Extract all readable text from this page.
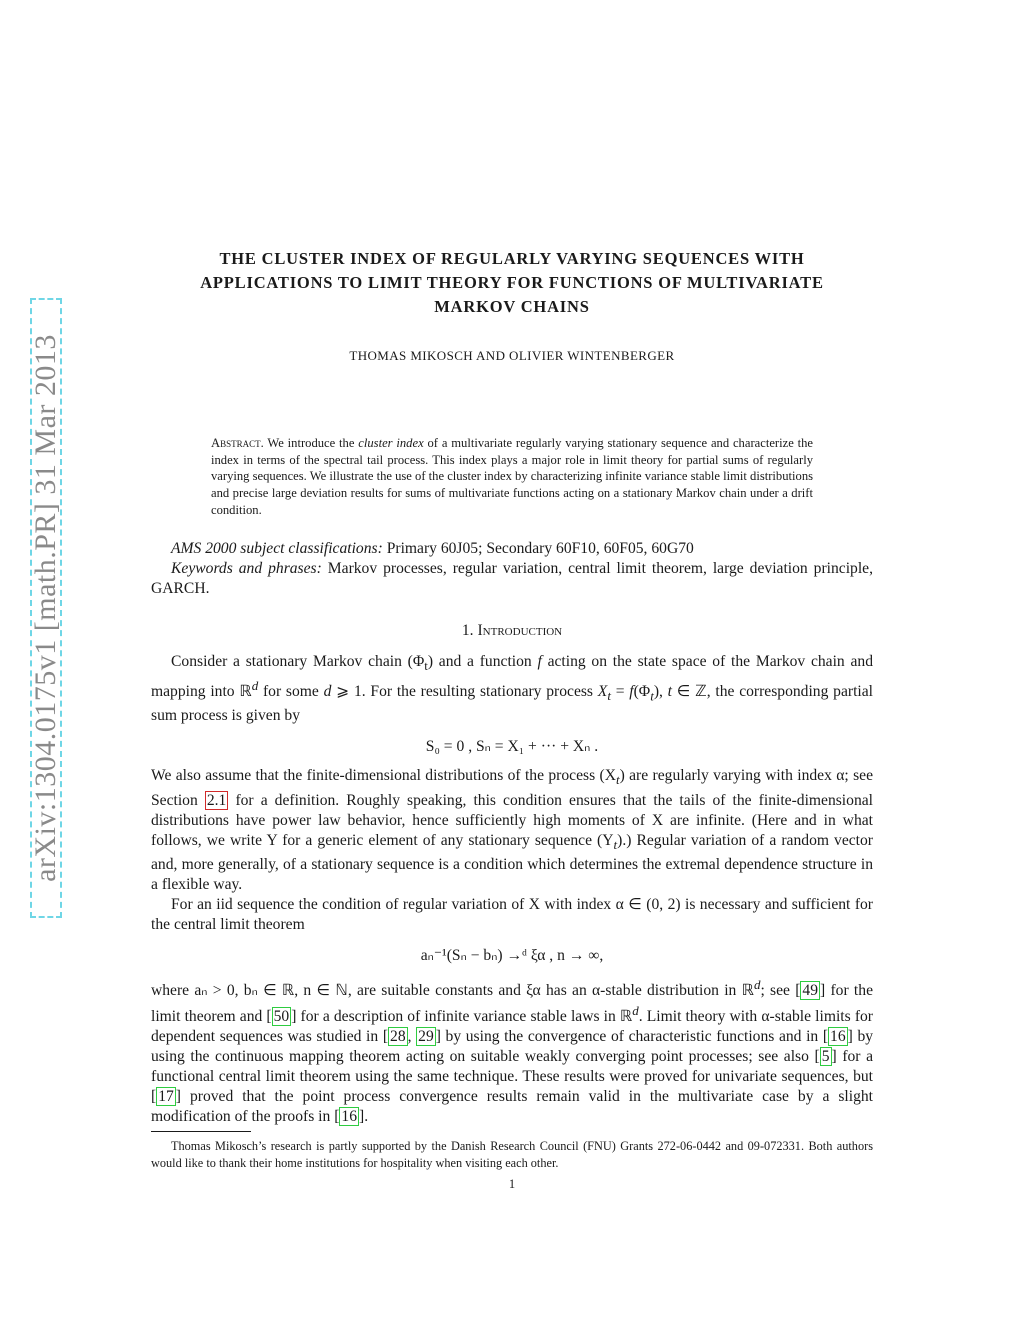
arXiv:1304.0175v1 [math.PR] 31 Mar 2013
THE CLUSTER INDEX OF REGULARLY VARYING SEQUENCES WITH
APPLICATIONS TO LIMIT THEORY FOR FUNCTIONS OF MULTIVARIATE
MARKOV CHAINS
THOMAS MIKOSCH AND OLIVIER WINTENBERGER
Abstract. We introduce the cluster index of a multivariate regularly varying stationary sequence and characterize the index in terms of the spectral tail process. This index plays a major role in limit theory for partial sums of regularly varying sequences. We illustrate the use of the cluster index by characterizing infinite variance stable limit distributions and precise large deviation results for sums of multivariate functions acting on a stationary Markov chain under a drift condition.

AMS 2000 subject classifications: Primary 60J05; Secondary 60F10, 60F05, 60G70

Keywords and phrases: Markov processes, regular variation, central limit theorem, large deviation principle, GARCH.

1. Introduction

Consider a stationary Markov chain $(\Phi_t)$ and a function f acting on the state space of the Markov chain and mapping into ℝ$^d$ for some d ⩾ 1. For the resulting stationary process $X_t = f(\Phi_t)$, t ∈ ℤ, the corresponding partial sum process is given by

S₀ = 0 , Sₙ = X₁ + ··· + Xₙ .

We also assume that the finite-dimensional distributions of the process $(X_t)$ are regularly varying with index α; see Section 2.1 for a definition. Roughly speaking, this condition ensures that the tails of the finite-dimensional distributions have power law behavior, hence sufficiently high moments of X are infinite. (Here and in what follows, we write Y for a generic element of any stationary sequence $(Y_t)$.) Regular variation of a random vector and, more generally, of a stationary sequence is a condition which determines the extremal dependence structure in a flexible way.

For an iid sequence the condition of regular variation of X with index α ∈ (0, 2) is necessary and sufficient for the central limit theorem

aₙ⁻¹(Sₙ − bₙ) →ᵈ ξα , n → ∞,

where aₙ > 0, bₙ ∈ ℝ, n ∈ ℕ, are suitable constants and ξα has an α-stable distribution in ℝ$^d$; see [ 49 ] for the limit theorem and [ 50 ] for a description of infinite variance stable laws in ℝ$^d$. Limit theory with α-stable limits for dependent sequences was studied in [ 28 , 29 ] by using the convergence of characteristic functions and in [ 16 ] by using the continuous mapping theorem acting on suitable weakly converging point processes; see also [ 5 ] for a functional central limit theorem using the same technique. These results were proved for univariate sequences, but [ 17 ] proved that the point process convergence results remain valid in the multivariate case by a slight modification of the proofs in [ 16 ].

Thomas Mikosch’s research is partly supported by the Danish Research Council (FNU) Grants 272-06-0442 and 09-072331. Both authors would like to thank their home institutions for hospitality when visiting each other.
1
